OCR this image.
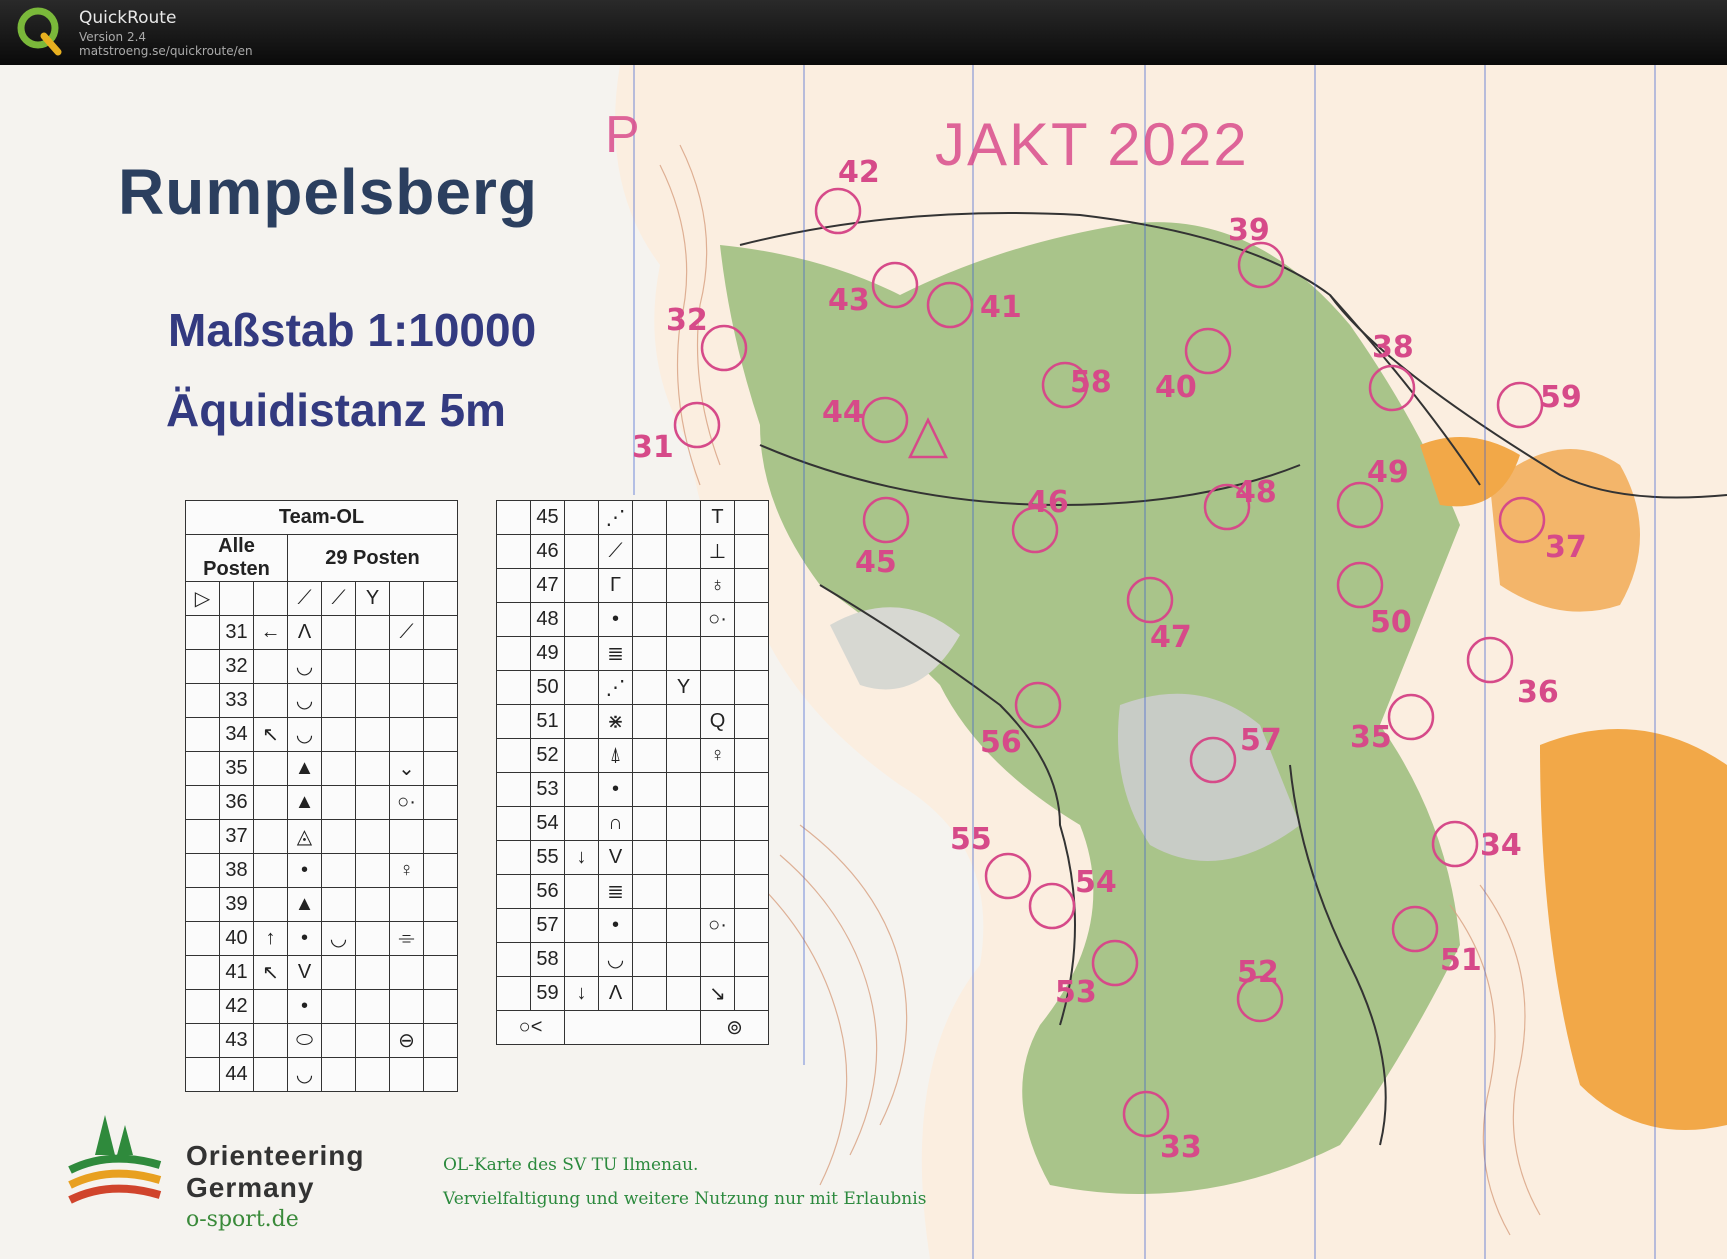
QuickRoute
Version 2.4
matstroeng.se/quickroute/en
P	JAKT 2022
Rumpelsberg
Maßstab 1:10000
Äquidistanz 5m
32
31
33
34
35
36
37
38
39
40
41
42
43
44
45
46
47
48
49
50
51
52
53
54
55
56	57
58	59
Team-OL							
Alle Posten			29 Posten				
▷			⟋	⟋	Y		
	31	←	Λ			⟋	
	32		◡				
	33		◡				
	34	↖	◡				
	35		▲			⌄	
	36		▲			○·	
	37		◬				
	38		•			♀	
	39		▲				
	40	↑	•	◡		⌯	
	41	↖	V				
	42		•				
	43		⬭			⊖	
	44		◡				
	45		⋰			T	
	46		⟋			⊥	
	47		Γ			♁	
	48		•			○·	
	49		≣				
	50		⋰		Y		
	51		⋇			Q	
	52		⍋			♀	
	53		•				
	54		∩				
	55	↓	V				
	56		≣				
	57		•			○·	
	58		◡				
	59	↓	Λ			↘	
○<						⊚	
Orienteering
Germany
o-sport.de
OL-Karte des SV TU Ilmenau.
Vervielfaltigung und weitere Nutzung nur mit Erlaubnis
